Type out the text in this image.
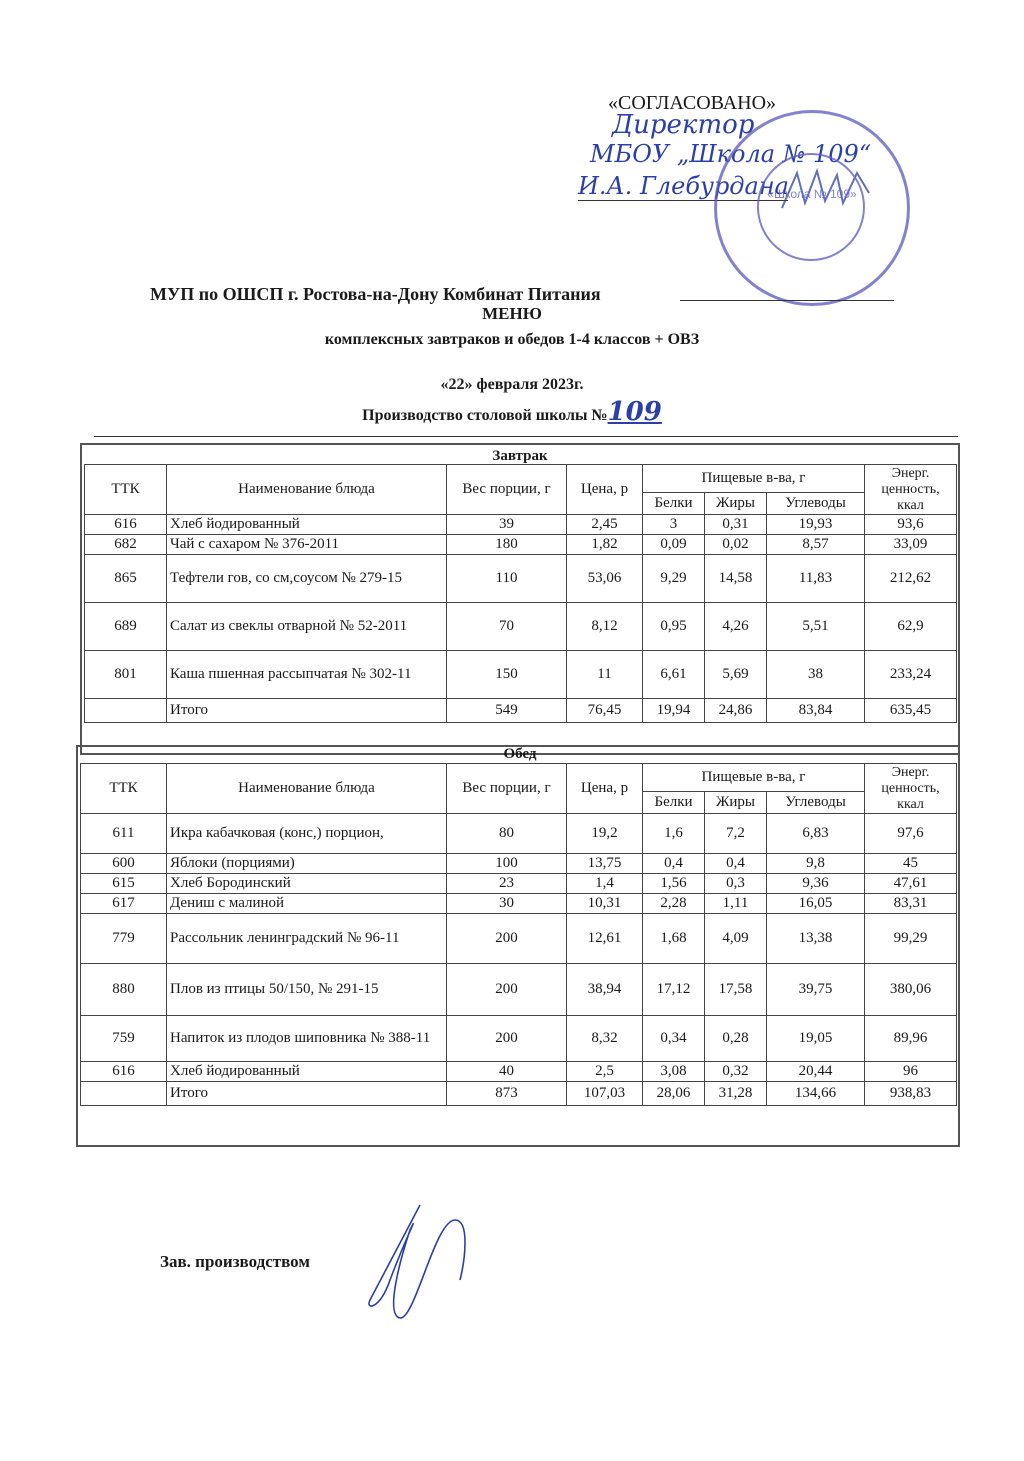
«СОГЛАСОВАНО»
Директор
МБОУ „Школа № 109“
И.А. Глебурдана
«Школа № 109»
МУП по ОШСП г. Ростова-на-Дону Комбинат Питания
МЕНЮ
комплексных завтраков и обедов 1-4 классов + ОВЗ
«22» февраля 2023г.
Производство столовой школы №109
Завтрак
ТТК	Наименование блюда	Вес порции, г	Цена, р	Пищевые в-ва, г			Энерг. ценность, ккал
				Белки	Жиры	Углеводы	
616	Хлеб йодированный	39	2,45	3	0,31	19,93	93,6
682	Чай с сахаром № 376-2011	180	1,82	0,09	0,02	8,57	33,09
865	Тефтели гов, со см,соусом № 279-15	110	53,06	9,29	14,58	11,83	212,62
689	Салат из свеклы отварной № 52-2011	70	8,12	0,95	4,26	5,51	62,9
801	Каша пшенная рассыпчатая № 302-11	150	11	6,61	5,69	38	233,24
	Итого	549	76,45	19,94	24,86	83,84	635,45
Обед
ТТК	Наименование блюда	Вес порции, г	Цена, р	Пищевые в-ва, г			Энерг. ценность, ккал
				Белки	Жиры	Углеводы	
611	Икра кабачковая (конс,) порцион,	80	19,2	1,6	7,2	6,83	97,6
600	Яблоки (порциями)	100	13,75	0,4	0,4	9,8	45
615	Хлеб Бородинский	23	1,4	1,56	0,3	9,36	47,61
617	Дениш с малиной	30	10,31	2,28	1,11	16,05	83,31
779	Рассольник ленинградский № 96-11	200	12,61	1,68	4,09	13,38	99,29
880	Плов из птицы 50/150, № 291-15	200	38,94	17,12	17,58	39,75	380,06
759	Напиток из плодов шиповника № 388-11	200	8,32	0,34	0,28	19,05	89,96
616	Хлеб йодированный	40	2,5	3,08	0,32	20,44	96
	Итого	873	107,03	28,06	31,28	134,66	938,83
Зав. производством
